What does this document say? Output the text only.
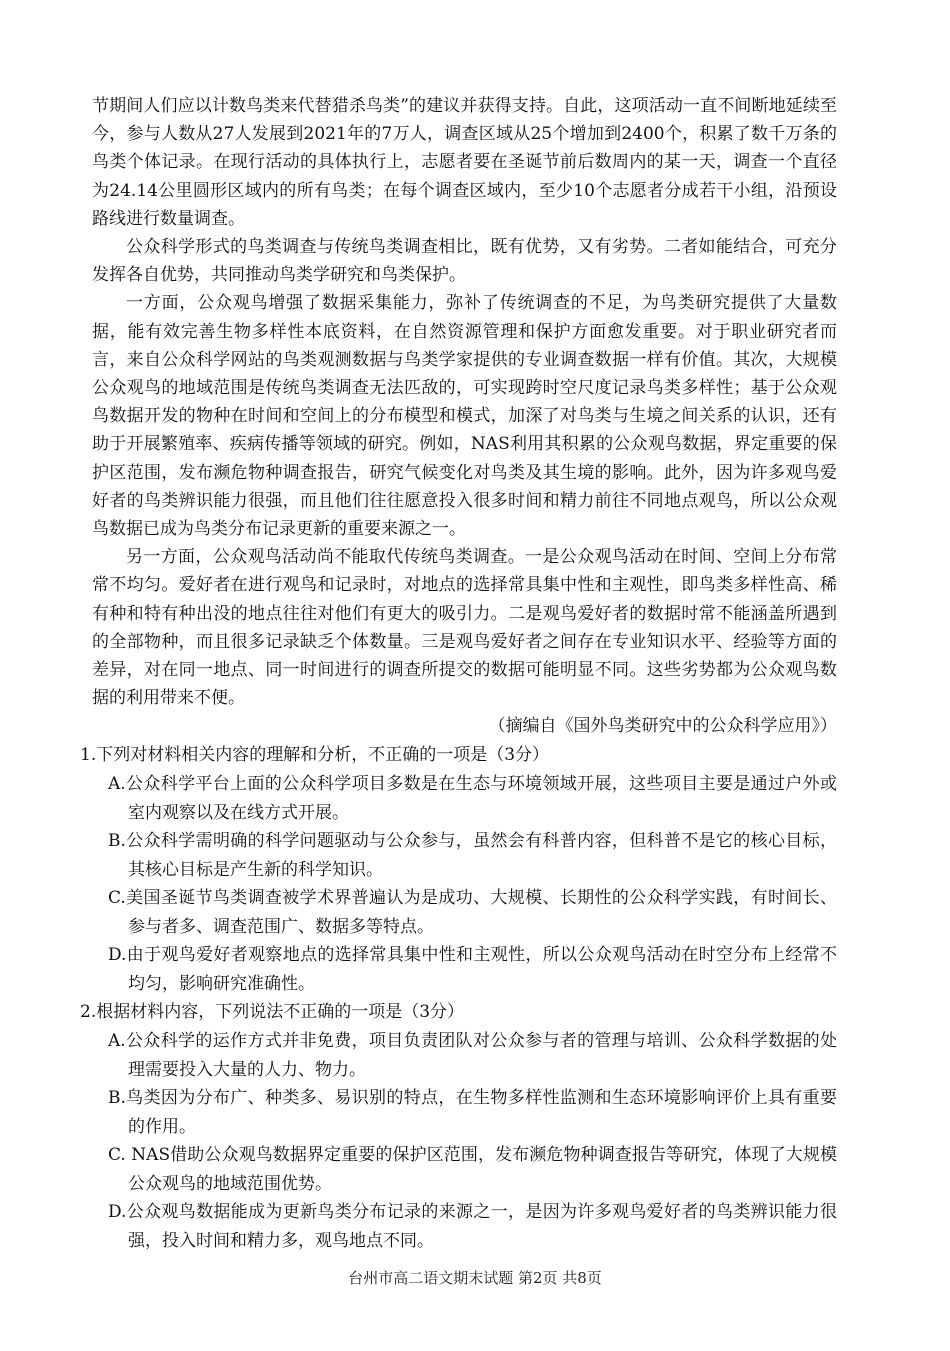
节期间人们应以计数鸟类来代替猎杀鸟类”的建议并获得支持。自此，这项活动一直不间断地延续至今，参与人数从27人发展到2021年的7万人，调查区域从25个增加到2400个，积累了数千万条的鸟类个体记录。在现行活动的具体执行上，志愿者要在圣诞节前后数周内的某一天，调查一个直径为24.14公里圆形区域内的所有鸟类；在每个调查区域内，至少10个志愿者分成若干小组，沿预设路线进行数量调查。

公众科学形式的鸟类调查与传统鸟类调查相比，既有优势，又有劣势。二者如能结合，可充分发挥各自优势，共同推动鸟类学研究和鸟类保护。

一方面，公众观鸟增强了数据采集能力，弥补了传统调查的不足，为鸟类研究提供了大量数据，能有效完善生物多样性本底资料，在自然资源管理和保护方面愈发重要。对于职业研究者而言，来自公众科学网站的鸟类观测数据与鸟类学家提供的专业调查数据一样有价值。其次，大规模公众观鸟的地域范围是传统鸟类调查无法匹敌的，可实现跨时空尺度记录鸟类多样性；基于公众观鸟数据开发的物种在时间和空间上的分布模型和模式，加深了对鸟类与生境之间关系的认识，还有助于开展繁殖率、疾病传播等领域的研究。例如，NAS利用其积累的公众观鸟数据，界定重要的保护区范围，发布濒危物种调查报告，研究气候变化对鸟类及其生境的影响。此外，因为许多观鸟爱好者的鸟类辨识能力很强，而且他们往往愿意投入很多时间和精力前往不同地点观鸟，所以公众观鸟数据已成为鸟类分布记录更新的重要来源之一。

另一方面，公众观鸟活动尚不能取代传统鸟类调查。一是公众观鸟活动在时间、空间上分布常常不均匀。爱好者在进行观鸟和记录时，对地点的选择常具集中性和主观性，即鸟类多样性高、稀有种和特有种出没的地点往往对他们有更大的吸引力。二是观鸟爱好者的数据时常不能涵盖所遇到的全部物种，而且很多记录缺乏个体数量。三是观鸟爱好者之间存在专业知识水平、经验等方面的差异，对在同一地点、同一时间进行的调查所提交的数据可能明显不同。这些劣势都为公众观鸟数据的利用带来不便。

（摘编自《国外鸟类研究中的公众科学应用》）

1.下列对材料相关内容的理解和分析，不正确的一项是（3分）

A.公众科学平台上面的公众科学项目多数是在生态与环境领域开展，这些项目主要是通过户外或室内观察以及在线方式开展。

B.公众科学需明确的科学问题驱动与公众参与，虽然会有科普内容，但科普不是它的核心目标，其核心目标是产生新的科学知识。

C.美国圣诞节鸟类调查被学术界普遍认为是成功、大规模、长期性的公众科学实践，有时间长、参与者多、调查范围广、数据多等特点。

D.由于观鸟爱好者观察地点的选择常具集中性和主观性，所以公众观鸟活动在时空分布上经常不均匀，影响研究准确性。

2.根据材料内容，下列说法不正确的一项是（3分）

A.公众科学的运作方式并非免费，项目负责团队对公众参与者的管理与培训、公众科学数据的处理需要投入大量的人力、物力。

B.鸟类因为分布广、种类多、易识别的特点，在生物多样性监测和生态环境影响评价上具有重要的作用。

C. NAS借助公众观鸟数据界定重要的保护区范围，发布濒危物种调查报告等研究，体现了大规模公众观鸟的地域范围优势。

D.公众观鸟数据能成为更新鸟类分布记录的来源之一，是因为许多观鸟爱好者的鸟类辨识能力很强，投入时间和精力多，观鸟地点不同。

台州市高二语文期末试题 第2页 共8页
